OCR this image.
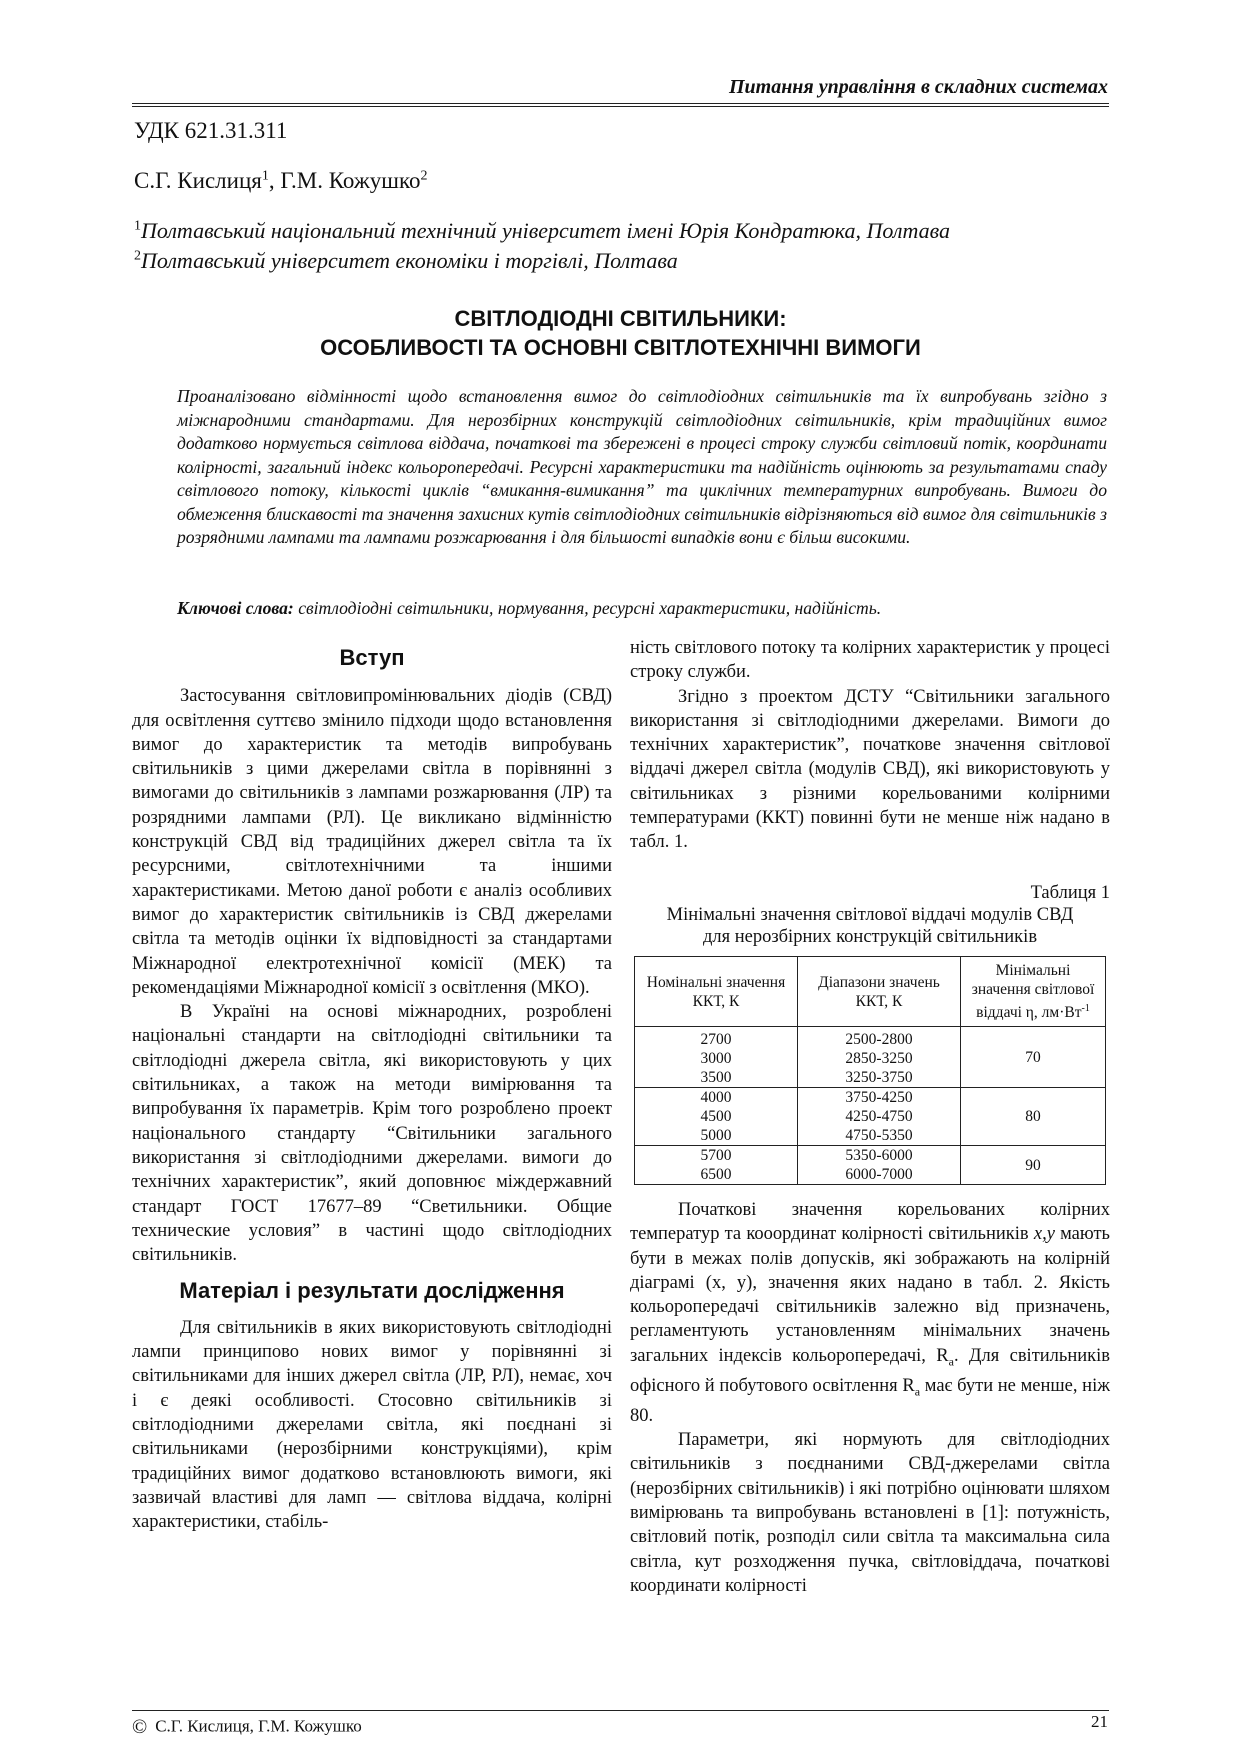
Питання управління в складних системах
УДК 621.31.311
С.Г. Кислиця$^1$, Г.М. Кожушко$^2$
$^1$Полтавський національний технічний університет імені Юрія Кондратюка, Полтава
$^2$Полтавський університет економіки і торгівлі, Полтава
СВІТЛОДІОДНІ СВІТИЛЬНИКИ:
ОСОБЛИВОСТІ ТА ОСНОВНІ СВІТЛОТЕХНІЧНІ ВИМОГИ
Проаналізовано відмінності щодо встановлення вимог до світлодіодних світильників та їх випробувань згідно з міжнародними стандартами. Для нерозбірних конструкцій світлодіодних світильників, крім традиційних вимог додатково нормується світлова віддача, початкові та збережені в процесі строку служби світловий потік, координати колірності, загальний індекс кольоропередачі. Ресурсні характеристики та надійність оцінюють за результатами спаду світлового потоку, кількості циклів “вмикання-вимикання” та циклічних температурних випробувань. Вимоги до обмеження блискавості та значення захисних кутів світлодіодних світильників відрізняються від вимог для світильників з розрядними лампами та лампами розжарювання і для більшості випадків вони є більш високими.
Ключові слова: світлодіодні світильники, нормування, ресурсні характеристики, надійність.
Вступ

Застосування світловипромінювальних діодів (СВД) для освітлення суттєво змінило підходи щодо встановлення вимог до характеристик та методів випробувань світильників з цими джерелами світла в порівнянні з вимогами до світильників з лампами розжарювання (ЛР) та розрядними лампами (РЛ). Це викликано відмінністю конструкцій СВД від традиційних джерел світла та їх ресурсними, світлотехнічними та іншими характеристиками. Метою даної роботи є аналіз особливих вимог до характеристик світильників із СВД джерелами світла та методів оцінки їх відповідності за стандартами Міжнародної електротехнічної комісії (МЕК) та рекомендаціями Міжнародної комісії з освітлення (МКО).

В Україні на основі міжнародних, розроблені національні стандарти на світлодіодні світильники та світлодіодні джерела світла, які використовують у цих світильниках, а також на методи вимірювання та випробування їх параметрів. Крім того розроблено проект національного стандарту “Світильники загального використання зі світлодіодними джерелами. вимоги до технічних характеристик”, який доповнює міждержавний стандарт ГОСТ 17677–89 “Светильники. Общие технические условия” в частині щодо світлодіодних світильників.

Матеріал і результати дослідження

Для світильників в яких використовують світлодіодні лампи принципово нових вимог у порівнянні зі світильниками для інших джерел світла (ЛР, РЛ), немає, хоч і є деякі особливості. Стосовно світильників зі світлодіодними джерелами світла, які поєднані зі світильниками (нерозбірними конструкціями), крім традиційних вимог додатково встановлюють вимоги, які зазвичай властиві для ламп — світлова віддача, колірні характеристики, стабіль-

ність світлового потоку та колірних характеристик у процесі строку служби.

Згідно з проектом ДСТУ “Світильники загального використання зі світлодіодними джерелами. Вимоги до технічних характеристик”, початкове значення світлової віддачі джерел світла (модулів СВД), які використовують у світильниках з різними корельованими колірними температурами (ККТ) повинні бути не менше ніж надано в табл. 1.

Таблиця 1
Мінімальні значення світлової віддачі модулів СВД
для нерозбірних конструкцій світильників
Номінальні значення ККТ, К	Діапазони значень ККТ, К	Мінімальні значення світлової віддачі η, $лм\cdot Вт^{-1}$
2700	2500-2800	70
3000	2850-3250	
3500	3250-3750	
4000	3750-4250	80
4500	4250-4750	
5000	4750-5350	
5700	5350-6000	90
6500	6000-7000	

Початкові значення корельованих колірних температур та кооординат колірності світильників x,y мають бути в межах полів допусків, які зображають на колірній діаграмі (x, y), значення яких надано в табл. 2. Якість кольоропередачі світильників залежно від призначень, регламентують установленням мінімальних значень загальних індексів кольоропередачі, $R_a$. Для світильників офісного й побутового освітлення $R_a$ має бути не менше, ніж 80.

Параметри, які нормують для світлодіодних світильників з поєднаними СВД-джерелами світла (нерозбірних світильників) і які потрібно оцінювати шляхом вимірювань та випробувань встановлені в [1]: потужність, світловий потік, розподіл сили світла та максимальна сила світла, кут розходження пучка, світловіддача, початкові координати колірності

© С.Г. Кислиця, Г.М. Кожушко	21
